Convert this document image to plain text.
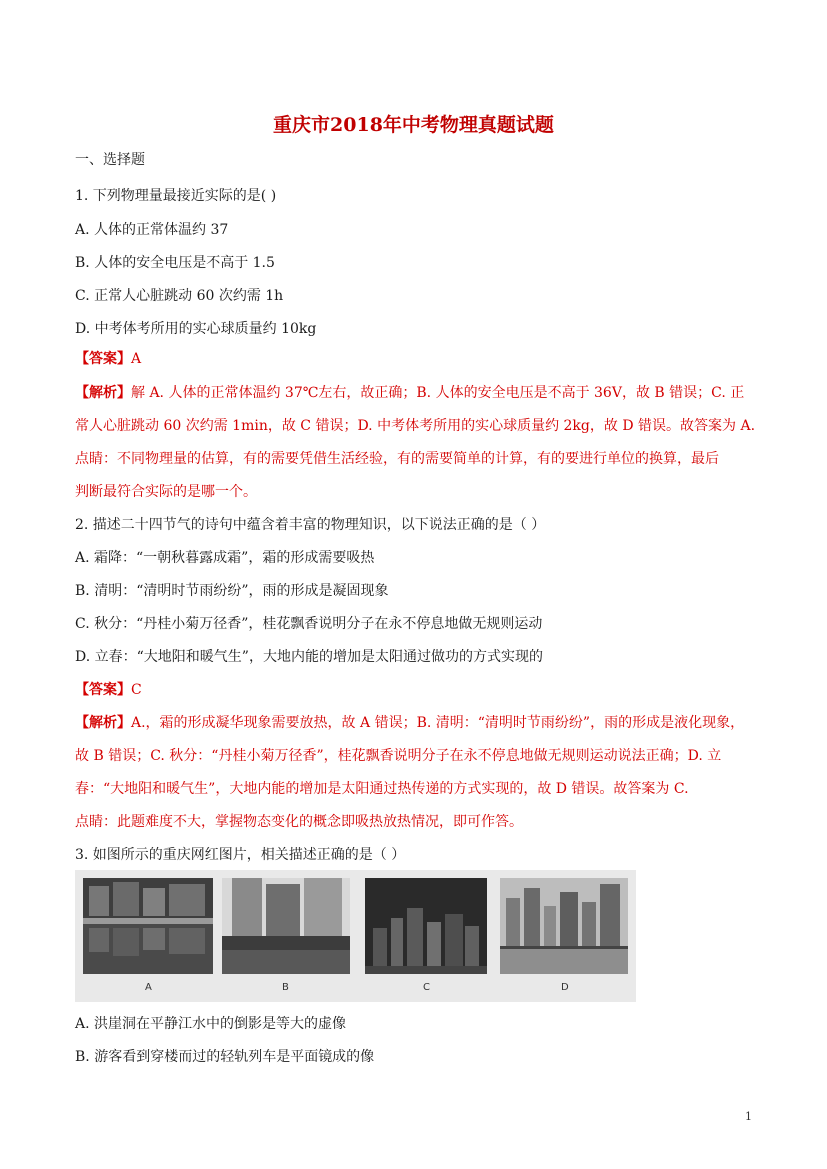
重庆市2018年中考物理真题试题
一、选择题
1. 下列物理量最接近实际的是( )
A. 人体的正常体温约 37
B. 人体的安全电压是不高于 1.5
C. 正常人心脏跳动 60 次约需 1h
D. 中考体考所用的实心球质量约 10kg
【答案】A
【解析】解 A. 人体的正常体温约 37℃左右，故正确；B. 人体的安全电压是不高于 36V，故 B 错误；C. 正
常人心脏跳动 60 次约需 1min，故 C 错误；D. 中考体考所用的实心球质量约 2kg，故 D 错误。故答案为 A.
点睛：不同物理量的估算，有的需要凭借生活经验，有的需要简单的计算，有的要进行单位的换算，最后
判断最符合实际的是哪一个。
2. 描述二十四节气的诗句中蕴含着丰富的物理知识，以下说法正确的是（ ）
A. 霜降：“一朝秋暮露成霜”，霜的形成需要吸热
B. 清明：“清明时节雨纷纷”，雨的形成是凝固现象
C. 秋分：“丹桂小菊万径香”，桂花飘香说明分子在永不停息地做无规则运动
D. 立春：“大地阳和暖气生”，大地内能的增加是太阳通过做功的方式实现的
【答案】C
【解析】A.，霜的形成凝华现象需要放热，故 A 错误；B. 清明：“清明时节雨纷纷”，雨的形成是液化现象，
故 B 错误；C. 秋分：“丹桂小菊万径香”，桂花飘香说明分子在永不停息地做无规则运动说法正确；D. 立
春：“大地阳和暖气生”，大地内能的增加是太阳通过热传递的方式实现的，故 D 错误。故答案为 C.
点睛：此题难度不大，掌握物态变化的概念即吸热放热情况，即可作答。
3. 如图所示的重庆网红图片，相关描述正确的是（ ）
A	B	C	D
A. 洪崖洞在平静江水中的倒影是等大的虚像
B. 游客看到穿楼而过的轻轨列车是平面镜成的像
1
